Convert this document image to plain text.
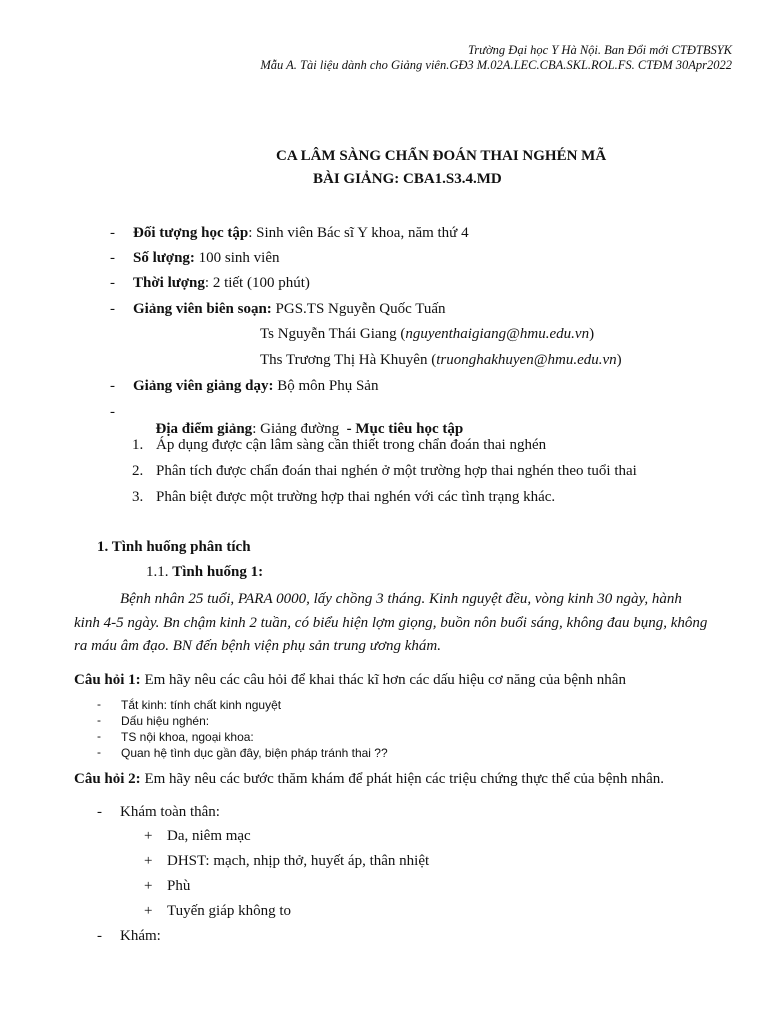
Trường Đại học Y Hà Nội. Ban Đổi mới CTĐTBSYK
Mẫu A. Tài liệu dành cho Giảng viên.GĐ3 M.02A.LEC.CBA.SKL.ROL.FS. CTĐM 30Apr2022
CA LÂM SÀNG CHẨN ĐOÁN THAI NGHÉN MÃ
BÀI GIẢNG: CBA1.S3.4.MD
- Đối tượng học tập: Sinh viên Bác sĩ Y khoa, năm thứ 4
- Số lượng: 100 sinh viên
- Thời lượng: 2 tiết (100 phút)
- Giảng viên biên soạn: PGS.TS Nguyễn Quốc Tuấn
Ts Nguyễn Thái Giang (nguyenthaigiang@hmu.edu.vn)
Ths Trương Thị Hà Khuyên (truonghakhuyen@hmu.edu.vn)
- Giảng viên giảng dạy: Bộ môn Phụ Sản
-

Địa điểm giảng: Giảng đường  - Mục tiêu học tập

1. Áp dụng được cận lâm sàng cần thiết trong chẩn đoán thai nghén
2. Phân tích được chẩn đoán thai nghén ở một trường hợp thai nghén theo tuổi thai
3. Phân biệt được một trường hợp thai nghén với các tình trạng khác.
1. Tình huống phân tích
1.1. Tình huống 1:
Bệnh nhân 25 tuổi, PARA 0000, lấy chồng 3 tháng. Kinh nguyệt đều, vòng kinh 30 ngày, hành
kinh 4-5 ngày. Bn chậm kinh 2 tuần, có biểu hiện lợm giọng, buồn nôn buổi sáng, không đau bụng, không
ra máu âm đạo. BN đến bệnh viện phụ sản trung ương khám.
Câu hỏi 1: Em hãy nêu các câu hỏi để khai thác kĩ hơn các dấu hiệu cơ năng của bệnh nhân
- Tắt kinh: tính chất kinh nguyệt
- Dấu hiệu nghén:
- TS nội khoa, ngoại khoa:
- Quan hệ tình dục gần đây, biện pháp tránh thai ??
Câu hỏi 2: Em hãy nêu các bước thăm khám để phát hiện các triệu chứng thực thể của bệnh nhân.
- Khám toàn thân:
+ Da, niêm mạc
+ DHST: mạch, nhịp thở, huyết áp, thân nhiệt
+ Phù
+ Tuyến giáp không to
- Khám:
